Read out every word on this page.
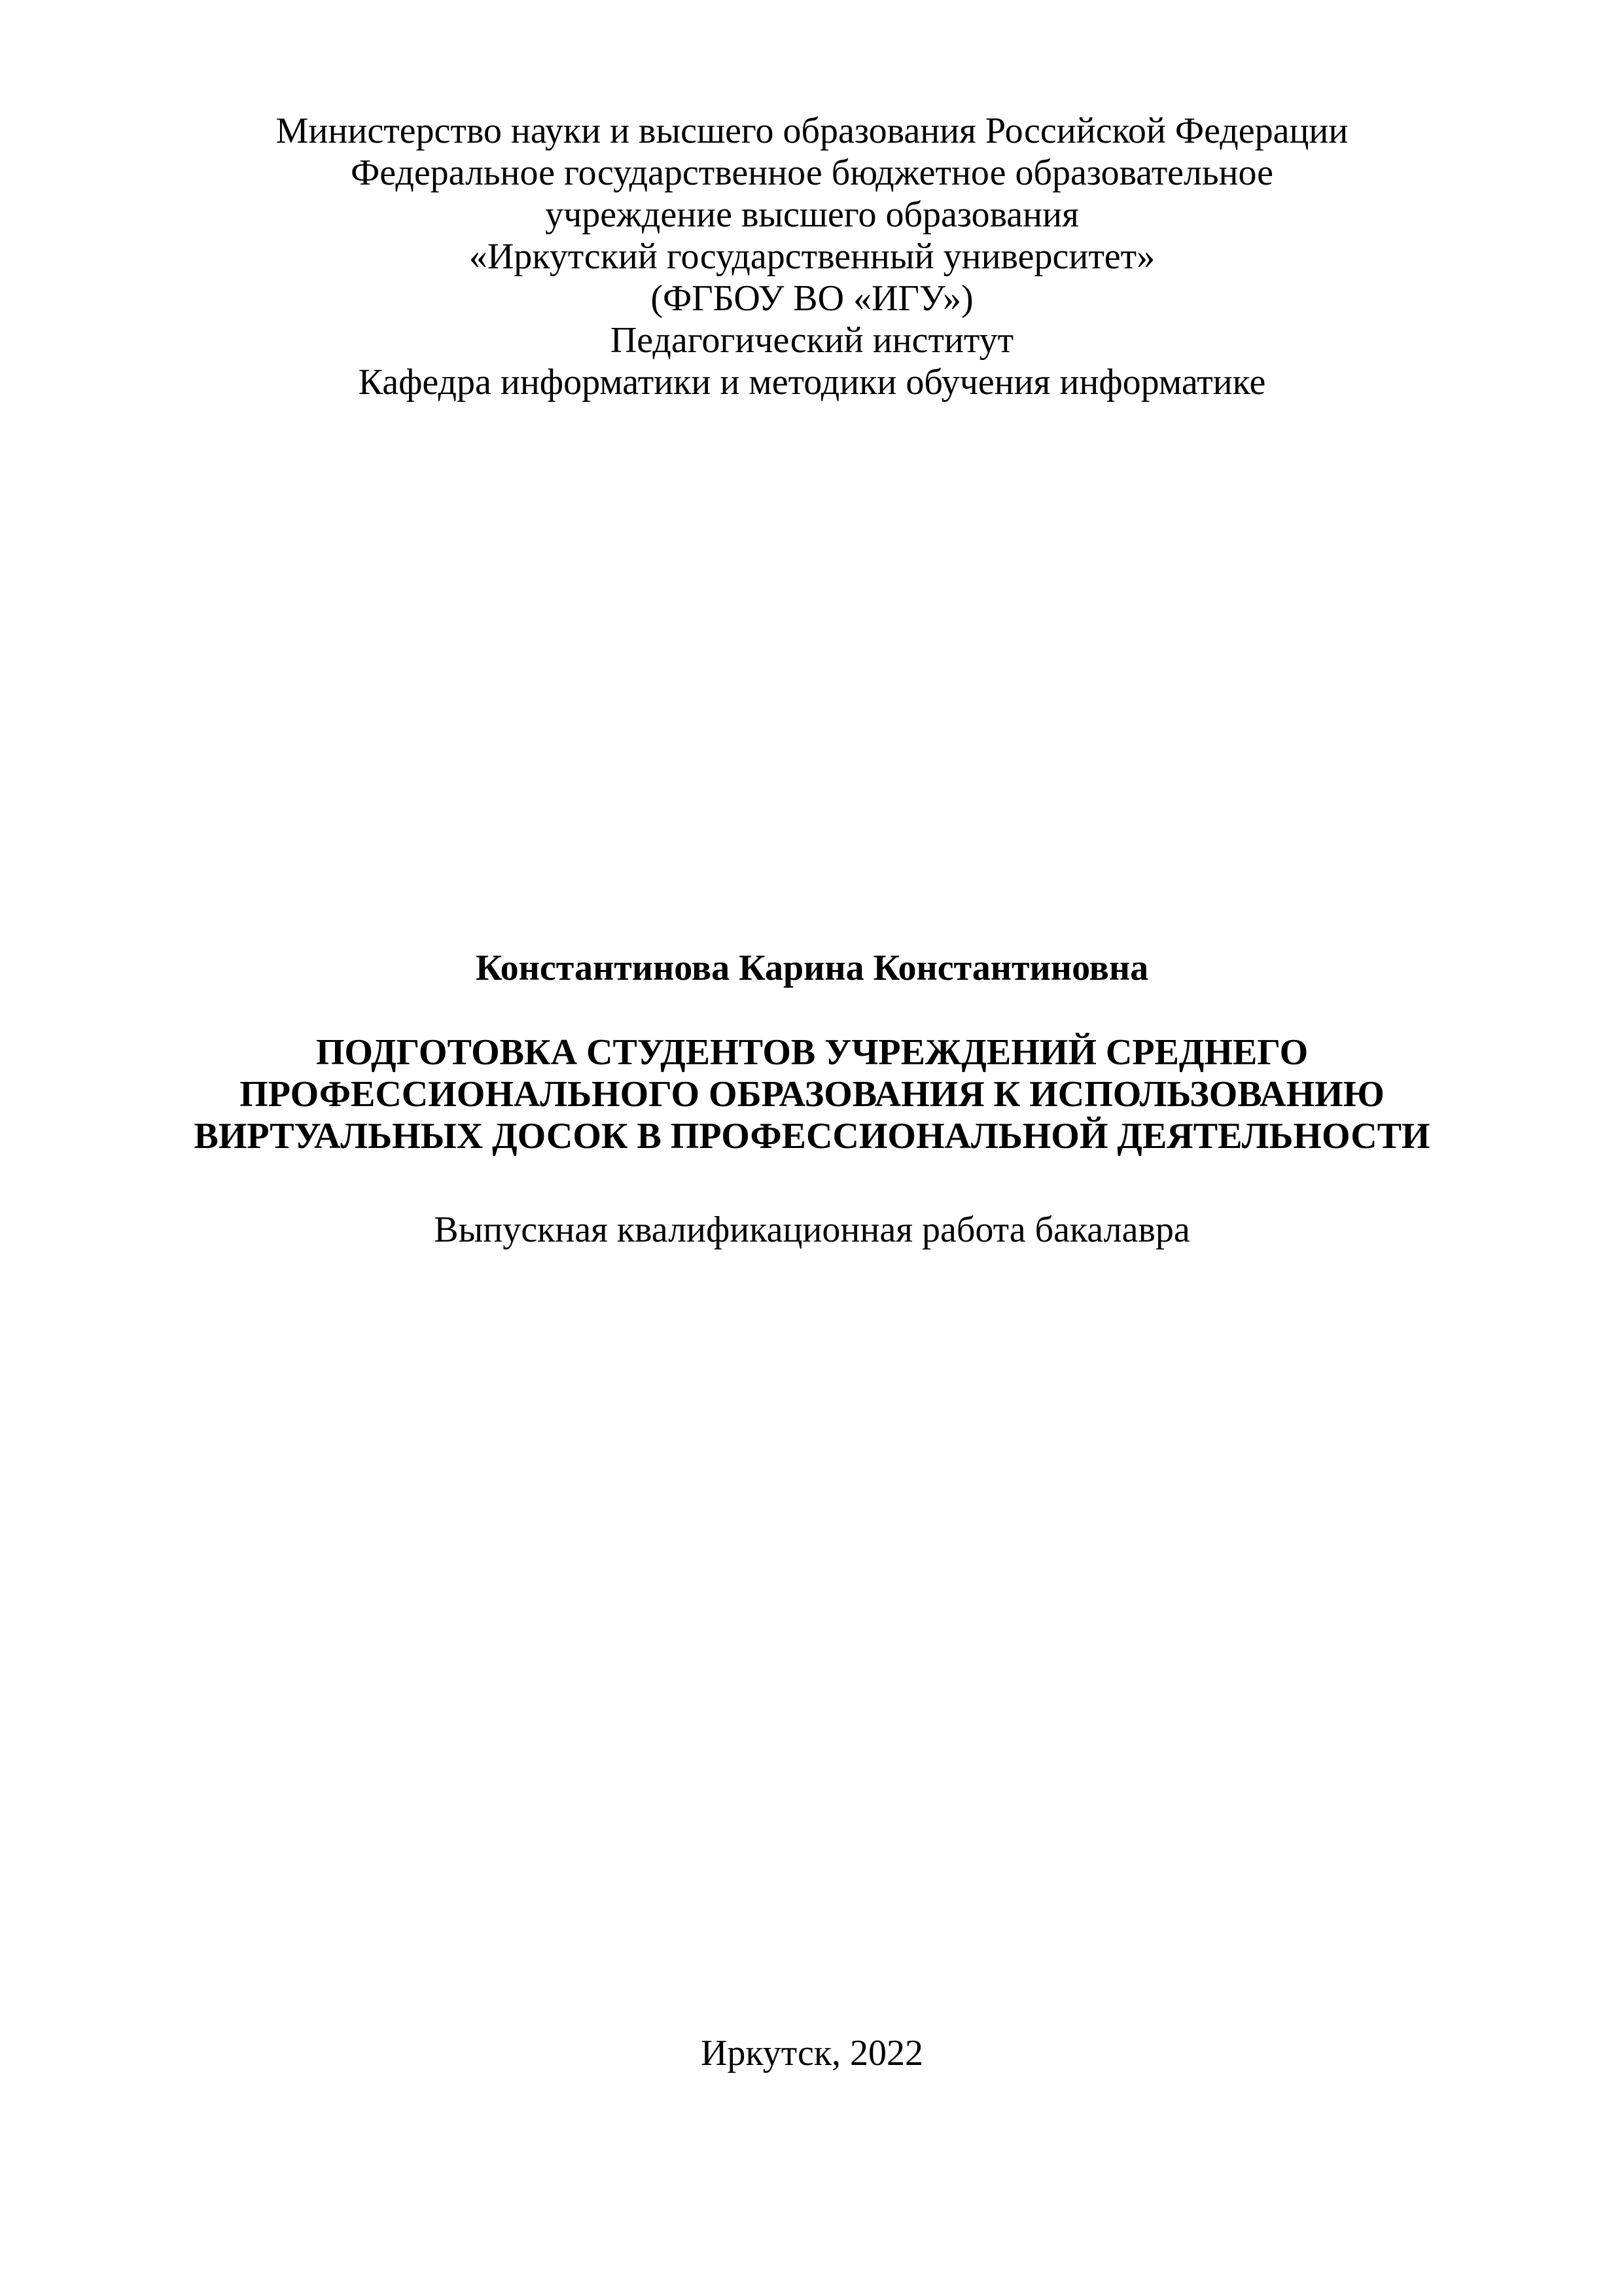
Министерство науки и высшего образования Российской Федерации
Федеральное государственное бюджетное образовательное
учреждение высшего образования
«Иркутский государственный университет»
(ФГБОУ ВО «ИГУ»)
Педагогический институт
Кафедра информатики и методики обучения информатике
Константинова Карина Константиновна
ПОДГОТОВКА СТУДЕНТОВ УЧРЕЖДЕНИЙ СРЕДНЕГО
ПРОФЕССИОНАЛЬНОГО ОБРАЗОВАНИЯ К ИСПОЛЬЗОВАНИЮ
ВИРТУАЛЬНЫХ ДОСОК В ПРОФЕССИОНАЛЬНОЙ ДЕЯТЕЛЬНОСТИ
Выпускная квалификационная работа бакалавра
Иркутск, 2022
